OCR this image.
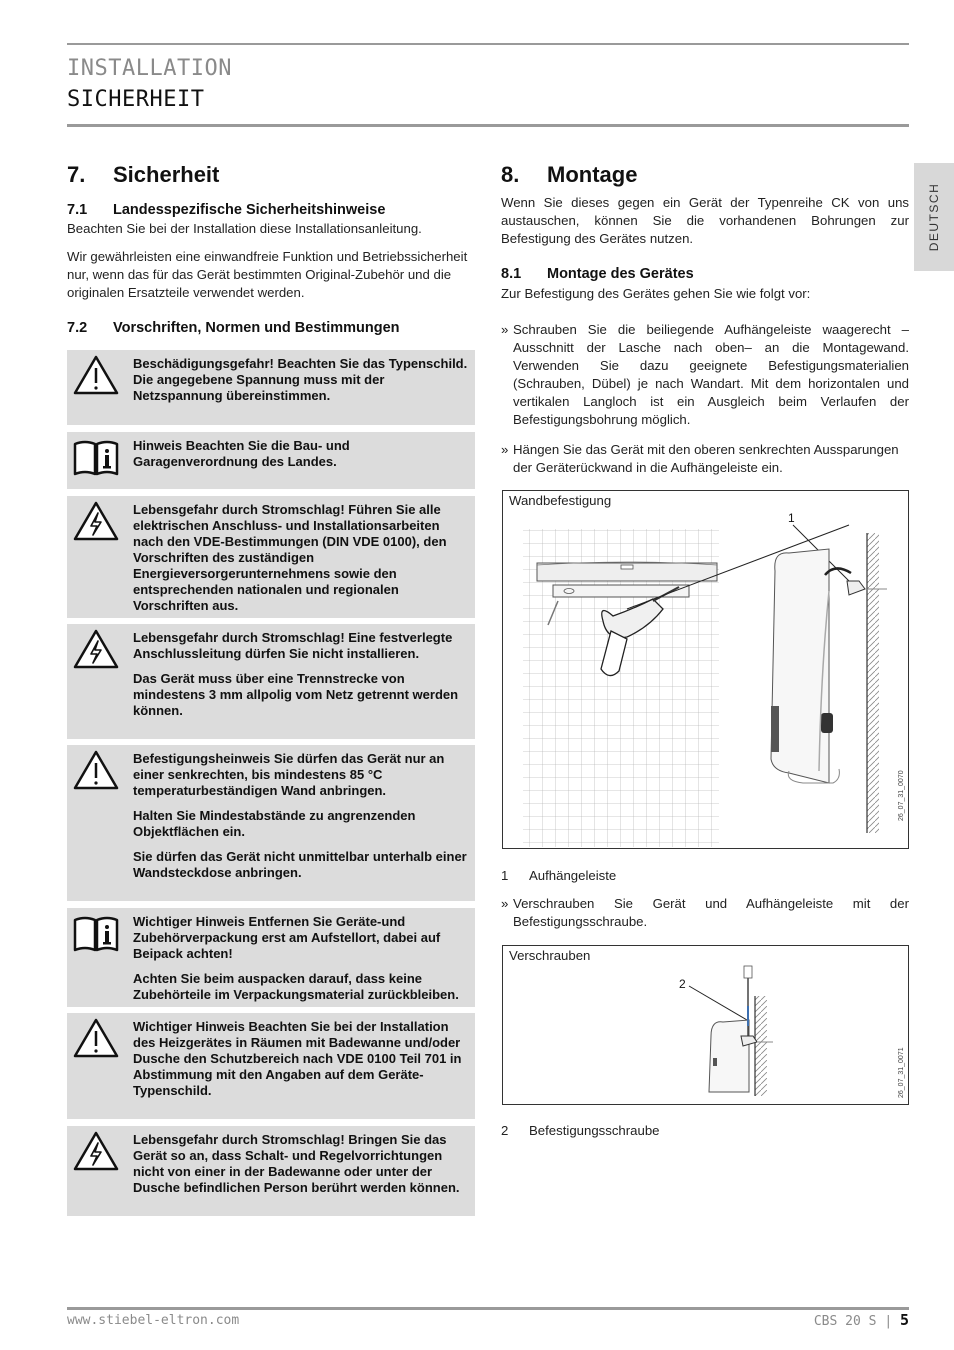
INSTALLATION
SICHERHEIT
DEUTSCH
7. Sicherheit
7.1 Landesspezifische Sicherheitshinweise
Beachten Sie bei der Installation diese Installationsanleitung.
Wir gewährleisten eine einwandfreie Funktion und Betriebssicherheit nur, wenn das für das Gerät bestimmten Original-Zubehör und die originalen Ersatzteile verwendet werden.
7.2 Vorschriften, Normen und Bestimmungen
Beschädigungsgefahr! Beachten Sie das Typenschild. Die angegebene Spannung muss mit der Netzspannung übereinstimmen.
Hinweis Beachten Sie die Bau- und Garagenverordnung des Landes.
Lebensgefahr durch Stromschlag! Führen Sie alle elektrischen Anschluss- und Installationsarbeiten nach den VDE-Bestimmungen (DIN VDE 0100), den Vorschriften des zuständigen Energieversorgerunternehmens sowie den entsprechenden nationalen und regionalen Vorschriften aus.
Lebensgefahr durch Stromschlag! Eine festverlegte Anschlussleitung dürfen Sie nicht installieren.
Das Gerät muss über eine Trennstrecke von mindestens 3 mm allpolig vom Netz getrennt werden können.
Befestigungsheinweis Sie dürfen das Gerät nur an einer senkrechten, bis mindestens 85 °C temperaturbeständigen Wand anbringen.
Halten Sie Mindestabstände zu angrenzenden Objektflächen ein.
Sie dürfen das Gerät nicht unmittelbar unterhalb einer Wandsteckdose anbringen.
Wichtiger Hinweis Entfernen Sie Geräte-und Zubehörverpackung erst am Aufstellort, dabei auf Beipack achten!
Achten Sie beim auspacken darauf, dass keine Zubehörteile im Verpackungsmaterial zurückbleiben.
Wichtiger Hinweis Beachten Sie bei der Installation des Heizgerätes in Räumen mit Badewanne und/oder Dusche den Schutzbereich nach VDE 0100 Teil 701 in Abstimmung mit den Angaben auf dem Geräte-Typenschild.
Lebensgefahr durch Stromschlag! Bringen Sie das Gerät so an, dass Schalt- und Regelvorrichtungen nicht von einer in der Badewanne oder unter der Dusche befindlichen Person berührt werden können.
8. Montage
Wenn Sie dieses gegen ein Gerät der Typenreihe CK von uns austauschen, können Sie die vorhandenen Bohrungen zur Befestigung des Gerätes nutzen.
8.1 Montage des Gerätes
Zur Befestigung des Gerätes gehen Sie wie folgt vor:
» Schrauben Sie die beiliegende Aufhängeleiste waagerecht –Ausschnitt der Lasche nach oben– an die Montagewand. Verwenden Sie dazu geeignete Befestigungsmaterialien (Schrauben, Dübel) je nach Wandart. Mit dem horizontalen und vertikalen Langloch ist ein Ausgleich beim Verlaufen der Befestigungsbohrung möglich.
» Hängen Sie das Gerät mit den oberen senkrechten Aussparungen der Geräterückwand in die Aufhängeleiste ein.
Wandbefestigung
1
26_07_31_0070
1 Aufhängeleiste
» Verschrauben Sie Gerät und Aufhängeleiste mit der Befestigungsschraube.
Verschrauben
2
26_07_31_0071
2 Befestigungsschraube
www.stiebel-eltron.com	CBS 20 S | 5
